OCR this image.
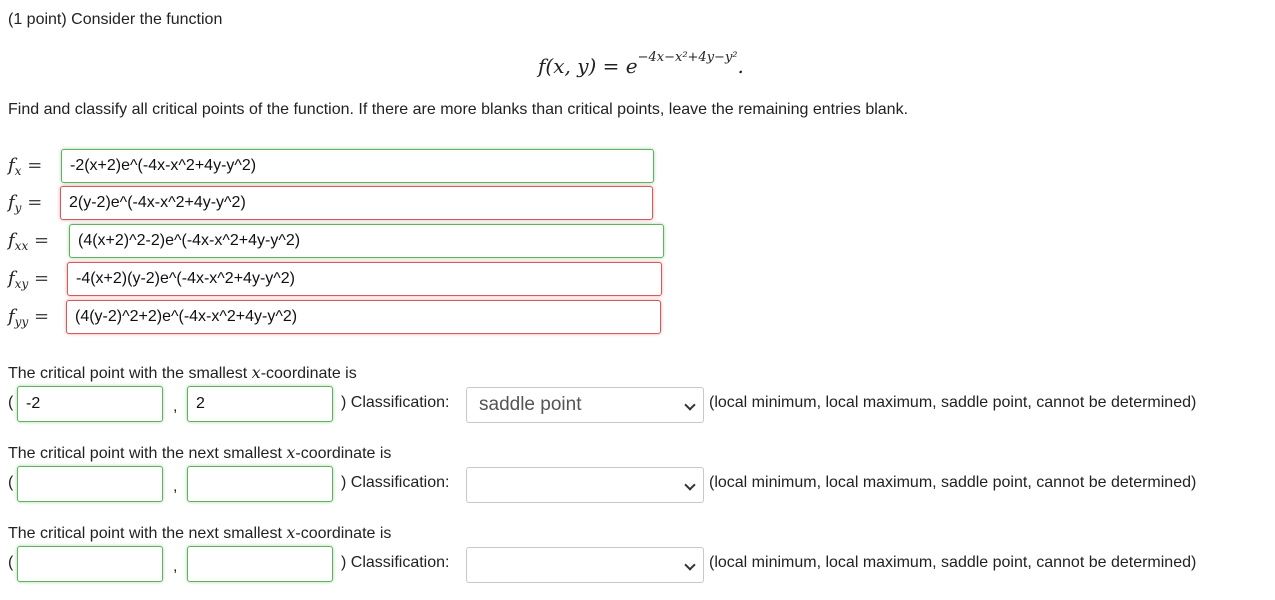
(1 point) Consider the function
f(x, $y) = e^{-4x-x^2+4y-y^2}$.
Find and classify all critical points of the function. If there are more blanks than critical points, leave the remaining entries blank.
$f_x$ =
-2(x+2)e^(-4x-x^2+4y-y^2)
$f_y$ =
2(y-2)e^(-4x-x^2+4y-y^2)
$f_{xx}$ =
(4(x+2)^2-2)e^(-4x-x^2+4y-y^2)
$f_{xy}$ =
-4(x+2)(y-2)e^(-4x-x^2+4y-y^2)
$f_{yy}$ =
(4(y-2)^2+2)e^(-4x-x^2+4y-y^2)
The critical point with the smallest x-coordinate is
(
-2	,
2	) Classification:	saddle point	(local minimum, local maximum, saddle point, cannot be determined)
The critical point with the next smallest x-coordinate is
(	,	) Classification:	(local minimum, local maximum, saddle point, cannot be determined)
The critical point with the next smallest x-coordinate is
(	,	) Classification:	(local minimum, local maximum, saddle point, cannot be determined)
